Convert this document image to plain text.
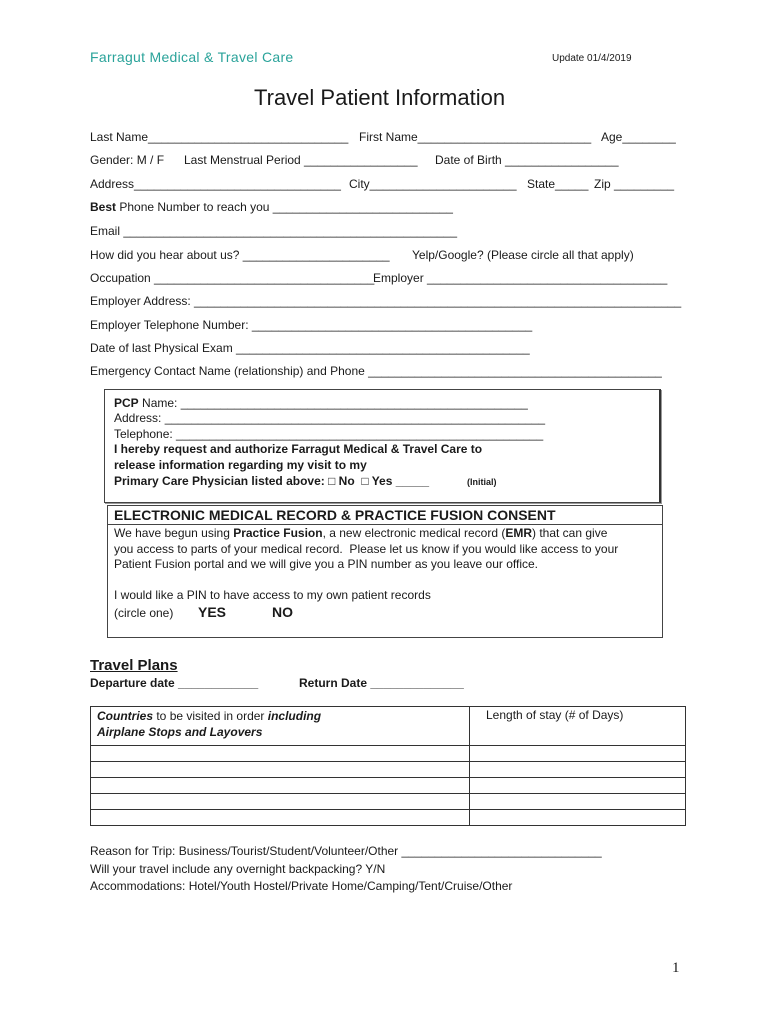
Farragut Medical & Travel Care	Update 01/4/2019
Travel Patient Information
Last Name______________________________ First Name__________________________ Age________
Gender: M / F Last Menstrual Period _________________ Date of Birth _________________
Address_______________________________ City______________________ State_____ Zip _________
Best Phone Number to reach you ___________________________
Email __________________________________________________
How did you hear about us? ______________________ Yelp/Google? (Please circle all that apply)
Occupation _________________________________
Employer ____________________________________
Employer Address: _________________________________________________________________________
Employer Telephone Number: __________________________________________
Date of last Physical Exam ____________________________________________
Emergency Contact Name (relationship) and Phone ____________________________________________
PCP Name: ____________________________________________________
Address: _________________________________________________________
Telephone: _______________________________________________________
I hereby request and authorize Farragut Medical & Travel Care to
release information regarding my visit to my
Primary Care Physician listed above: □ No  □ Yes _____	(Initial)
ELECTRONIC MEDICAL RECORD & PRACTICE FUSION CONSENT
We have begun using Practice Fusion, a new electronic medical record (EMR) that can give
you access to parts of your medical record.  Please let us know if you would like access to your
Patient Fusion portal and we will give you a PIN number as you leave our office.
I would like a PIN to have access to my own patient records
(circle one) YES	NO
Travel Plans
Departure date ____________	Return Date ______________
Countries to be visited in order including
Airplane Stops and Layovers	Length of stay (# of Days)

Reason for Trip: Business/Tourist/Student/Volunteer/Other ______________________________
Will your travel include any overnight backpacking? Y/N
Accommodations: Hotel/Youth Hostel/Private Home/Camping/Tent/Cruise/Other
1
